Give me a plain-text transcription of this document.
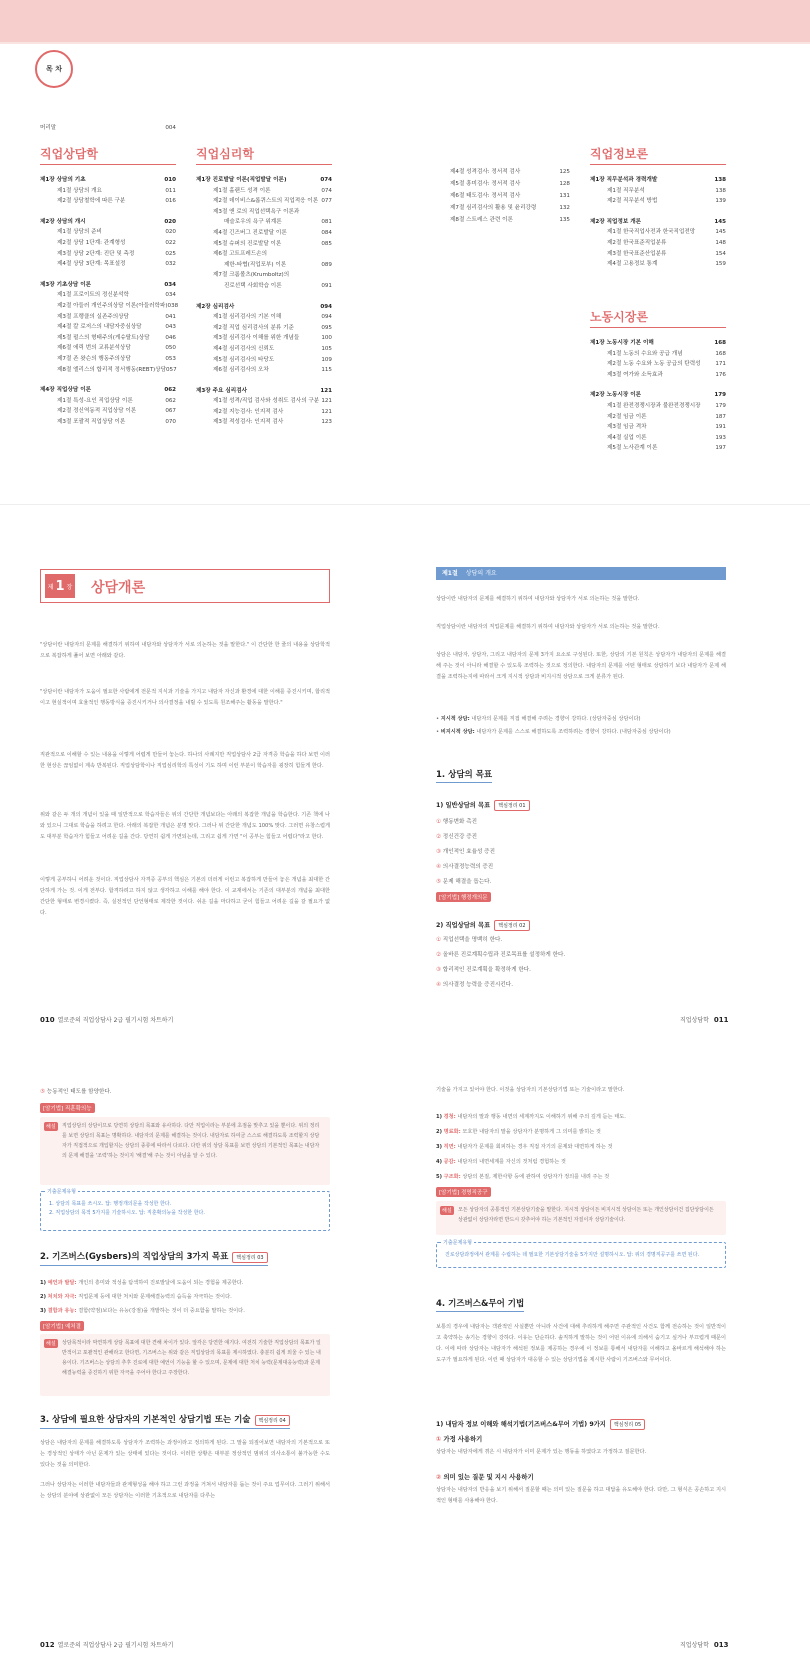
목 차
머리말	004
직업상담학
제1장 상담의 기초	010
제1절 상담의 개요	011
제2절 상담철학에 따른 구분	016
제2장 상담의 개시	020
제1절 상담의 준비	020
제2절 상담 1단계: 관계형성	022
제3절 상담 2단계: 진단 및 측정	025
제4절 상담 3단계: 목표설정	032
제3장 기초상담 이론	034
제1절 프로이트의 정신분석학	034
제2절 아들러 개인주의상담 이론(아들러학파) 038
제3절 프랭클의 실존주의상담	041
제4절 칼 로저스의 내담자중심상담	043
제5절 펄스의 형태주의(게슈탈트)상담	046
제6절 에릭 번의 교류분석상담	050
제7절 존 왓슨의 행동주의상담	053
제8절 엘리스의 합리적 정서행동(REBT)상담 057
제4장 직업상담 이론	062
제1절 특성-요인 직업상담 이론	062
제2절 정신역동적 직업상담 이론	067
제3절 포괄적 직업상담 이론	070
직업심리학
제1장 진로발달 이론(직업발달 이론)	074
제1절 홀랜드 성격 이론	074
제2절 데이비스&롭퀴스트의 직업적응 이론 077
제3절 앤 로의 직업선택욕구 이론과
매슬로우의 욕구 위계론	081
제4절 긴즈버그 진로발달 이론	084
제5절 슈퍼의 진로발달 이론	085
제6절 고트프레드손의
제한-타협(직업포부) 이론	089
제7절 크롬볼츠(Krumboltz)의
진로선택 사회학습 이론	091
제2장 심리검사	094
제1절 심리검사의 기본 이해	094
제2절 직업 심리검사의 분류 기준	095
제3절 심리검사 이해를 위한 개념들	100
제4절 심리검사의 신뢰도	105
제5절 심리검사의 타당도	109
제6절 심리검사의 오차	115
제3장 주요 심리검사	121
제1절 성격/직업 검사와 성취도 검사의 구분 121
제2절 지능검사: 인지적 검사	121
제3절 적성검사: 인지적 검사	123
제4절 성격검사: 정서적 검사	125
제5절 흥미검사: 정서적 검사	128
제6절 태도검사: 정서적 검사	131
제7절 심리검사의 활용 및 윤리강령	132
제8절 스트레스 관련 이론	135
직업정보론
제1장 직무분석과 경력개발	138
제1절 직무분석	138
제2절 직무분석 방법	139
제2장 직업정보 개론	145
제1절 한국직업사전과 한국직업전망	145
제2절 한국표준직업분류	148
제3절 한국표준산업분류	154
제4절 고용정보 통계	159
노동시장론
제1장 노동시장 기본 이해	168
제1절 노동의 수요와 공급 개념	168
제2절 노동 수요와 노동 공급의 탄력성	171
제3절 여가와 소득효과	176
제2장 노동시장 이론	179
제1절 완전경쟁시장과 불완전경쟁시장	179
제2절 임금 이론	187
제3절 임금 격차	191
제4절 실업 이론	193
제5절 노사관계 이론	197
제 1 장 상담개론
"상담이란 내담자의 문제를 해결하기 위하여 내담자와 상담자가 서로 의논하는 것을 말한다." 이 간단한 한 줄의 내용을 상담학적으로 복잡하게 풀어 보면 아래와 같다.
"상담이란 내담자가 도움이 필요한 사람에게 전문적 지식과 기술을 가지고 내담자 자신과 환경에 대한 이해를 증진시키며, 합리적이고 현실적이며 효율적인 행동방식을 증진시키거나 의사결정을 내릴 수 있도록 원조해주는 활동을 말한다."
직관적으로 이해할 수 있는 내용을 이렇게 어렵게 만들어 놓는다. 하나의 사례지만 직업상담사 2급 자격증 학습을 하다 보면 이러한 현상은 끊임없이 계속 반복된다. 직업상담학이나 직업심리학의 특성이 기도 하며 이런 부분이 학습자를 굉장히 힘들게 한다.
위와 같은 두 개의 개념이 있을 때 일반적으로 학습자들은 위의 간단한 개념보다는 아래의 복잡한 개념을 학습한다. 기존 책에 나와 있으니 그대로 학습을 하려고 한다. 아래의 복잡한 개념은 분명 맞다. 그러나 위 간단한 개념도 100% 맞다. 그러면 유창스럽게도 대부분 학습자가 힘들고 어려운 길을 간다. 당연히 쉽게 가면되는데, 그리고 쉽게 가면 "이 공부는 힘들고 어렵다"라고 한다.
이렇게 공부하니 어려운 것이다. 직업상담사 자격증 공부의 핵심은 기본의 더러게 이런고 복잡하게 만들어 놓은 개념을 최대한 간단하게 가는 것. 이게 전부다. 합격하려고 하지 않고 생각하고 이해를 해야 한다. 이 교재에서는 기존의 대부분의 개념을 최대한 간단한 형태로 변경시켰다. 즉, 실전적인 단언형태로 제작한 것이다. 쉬운 길을 마다하고 굳이 힘들고 어려운 길을 갈 필요가 없다.
010 열로준의 직업상담사 2급 필기시험 차트하기
제1절 상담의 개요
상담이란 내담자의 문제를 해결하기 위하여 내담자와 상담자가 서로 의논하는 것을 말한다.
직업상담이란 내담자의 직업문제를 해결하기 위하여 내담자와 상담자가 서로 의논하는 것을 말한다.
상담은 내담자, 상담자, 그리고 내담자의 문제 3가지 요소로 구성된다. 또한, 상담의 기본 원칙은 상담자가 내담자의 문제를 해결해 주는 것이 아니라 해결할 수 있도록 조력하는 것으로 정의한다. 내담자의 문제를 어떤 형태로 상담하기 보다 내담자가 문제 해결을 조력하는지에 따라서 크게 지시적 상담과 비지시적 상담으로 크게 분류가 된다.
• 지시적 상담: 내담자의 문제를 직접 해결해 주려는 경향이 강하다. (상담자중심 상담이다)
• 비지시적 상담: 내담자가 문제를 스스로 해결하도록 조력하려는 경향이 강하다. (내담자중심 상담이다)
1. 상담의 목표
1) 일반상담의 목표 핵심정리 01
① 행동변화 촉진
② 정신건강 증진
③ 개인적인 효율성 증진
④ 의사결정능력의 증진
⑤ 문제 해결을 돕는다.
[암기법] 행정개의문
2) 직업상담의 목표 핵심정리 02
① 직업선택을 명백히 한다.
② 올바른 진로계획수립과 진로목표를 설정하게 한다.
③ 합리적인 진로계획을 확정하게 한다.
④ 의사결정 능력을 증진시킨다.
직업상담학 011
⑤ 능동적인 태도를 함양한다.
[암기법] 직훈확의능
해설	직업상담의 상담이므로 당연히 상담의 목표와 유사하다. 다만 직업이라는 부분에 초점을 맞추고 있을 뿐이다. 위의 정리를 보면 상담의 목표는 명확하다. 내담자의 문제를 해결하는 것이다. 내담자로 하여금 스스로 해결하도록 조력할지 상담자가 직접적으로 개입할지는 상담의 종류에 따라서 다르다. 다만 위의 상담 목표를 보면 상담의 기본적인 목표는 내담자의 문제 해결을 '조력'하는 것이지 '해결'해 주는 것이 아님을 알 수 있다.
기출문제유형
1. 상담의 목표를 쓰시오. 답: 행정개의문을 작성한 한다.
2. 직업상담의 목적 5가지를 기술하시오. 답: 직훈확의능을 작성한 한다.
2. 기즈버스(Gysbers)의 직업상담의 3가지 목표 핵심정리 03
1) 예언과 발달: 개인의 흥미와 적성을 탐색하여 진로발달에 도움이 되는 경험을 제공한다.
2) 처치와 자극: 직업문제 등에 대한 처치와 문제해결능력의 습득을 자극하는 것이다.
3) 결함과 유능: 결함(약점)보다는 유능(강점)을 개발하는 것이 더 중요함을 말하는 것이다.
[암기법] 예처결
해설	상담목적이라 막연하게 상담 목표에 대한 견해 차이가 있다. 앞각은 당연한 얘기다. 여전히 기술한 직업상담의 목표가 일반적이고 포괄적인 관해라고 한다면, 기즈버스는 위와 같은 직업상담의 목표를 제시하였다. 충분히 쉽게 외울 수 있는 내용이다. 기즈버스는 상담의 추후 진로에 대한 예언이 기능을 할 수 있으며, 문제에 대한 처치 능력(문제대응능력)과 문제 해결능력을 증진하기 위한 자극을 주어야 한다고 주장한다.
3. 상담에 필요한 상담자의 기본적인 상담기법 또는 기술 핵심정리 04
상담은 내담자의 문제를 해결하도록 상담자가 조력하는 과정이라고 정의하게 된다. 그 말을 되짚어보면 내담자의 기본적으로 또는 경상적인 상태가 아닌 문제가 있는 상태에 있다는 것이다. 이러한 상황은 대부분 정상적인 범위의 의사소통이 불가능한 수도 있다는 것을 의미한다.
그러나 상담자는 이러한 내담자들과 관계형성을 해야 하고 그런 과정을 거쳐서 내담자를 돕는 것이 주요 업무이다. 그러기 위해서는 상담의 분야에 상관없이 모든 상담자는 이러한 기초적으로 내담자를 다루는
012 열로준의 직업상담사 2급 필기시험 차트하기
기술을 가지고 있어야 한다. 이것을 상담자의 기본상담기법 또는 기술이라고 말한다.
1) 경청: 내담자의 말과 행동 내면의 세계까지도 이해하기 위해 주의 깊게 듣는 태도.
2) 명료화: 모호한 내담자의 말을 상담자가 분명하게 그 의미를 밝히는 것
3) 직면: 내담자가 문제를 회피하는 경우 직접 자기의 문제와 대면하게 하는 것
4) 공감: 내담자의 내면세계를 자신의 것처럼 경험하는 것
5) 구조화: 상담의 본질, 제한사항 등에 관하여 상담자가 정의를 내려 주는 것
[암기법] 경명직공구
해설	모든 상담자의 공통적인 기본상담기술을 말한다. 지시적 상담이든 비지시적 상담이든 또는 개인상담이건 집단상담이든 상관없이 상담자라면 반드시 갖추어야 하는 기본적인 자질이자 상담기술이다.
기출문제유형
진로상담과정에서 관계를 수립하는 데 필요한 기본상담기술을 5가지만 설명하시오. 답: 위의 경명직공구를 쓰면 된다.
4. 기즈버스&무어 기법
보통의 경우에 내담자는 객관적인 사실뿐만 아니라 사건에 대해 추리하게 해주면 주관적인 사건도 함께 전승하는 것이 일반적이고 축약하는 송기는 경향이 강하다. 이유는 단순하다. 솔직하게 말하는 것이 어떤 이유에 의해서 숨기고 싶거나 부끄럽게 때문이다. 이에 따라 상담자는 내담자가 해석된 정보를 제공하는 경우에 이 정보를 통해서 내담자를 이해하고 올바르게 해석해야 하는 도구가 필요하게 된다. 이런 때 상담자가 대응할 수 있는 상담기법을 제시한 사람이 기즈버스와 무어이다.
1) 내담자 정보 이해와 해석기법(기즈버스&무어 기법) 9가지 핵심정리 05
① 가정 사용하기
상담자는 내담자에게 겪은 시 내담자가 이미 문제가 있는 행동을 하였다고 가정하고 질문한다.
② 의미 있는 질문 및 지시 사용하기
상담자는 내담자의 반응을 보기 위해서 질문할 때는 의미 있는 질문을 하고 대답을 유도해야 한다. 다만, 그 형식은 공손하고 지시적인 형태를 사용해야 한다.
직업상담학 013
